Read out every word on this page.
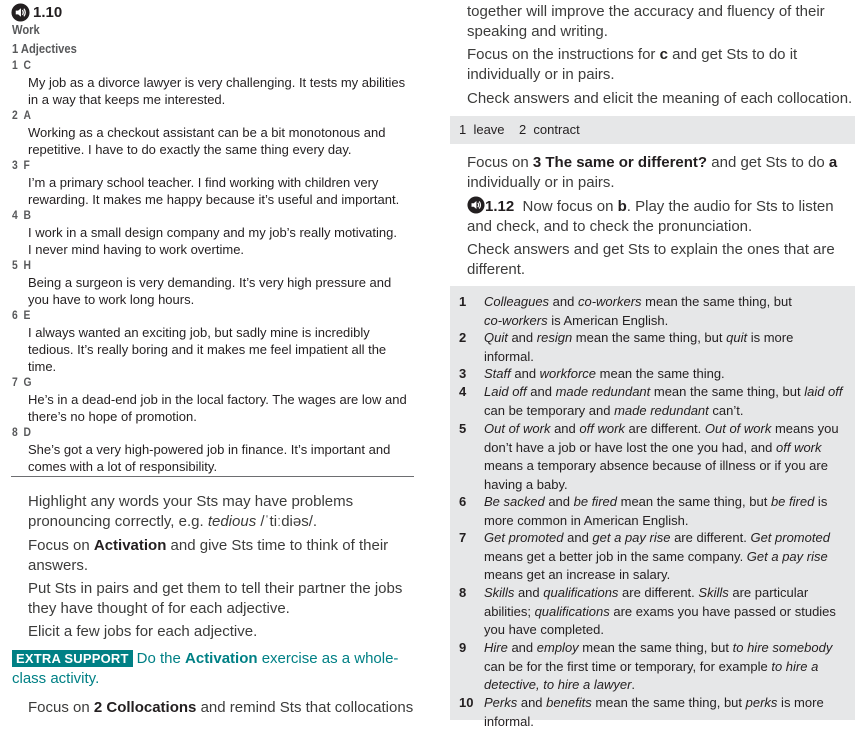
1.10
Work
1 Adjectives
1 C
My job as a divorce lawyer is very challenging. It tests my abilities
in a way that keeps me interested.
2 A
Working as a checkout assistant can be a bit monotonous and
repetitive. I have to do exactly the same thing every day.
3 F
I’m a primary school teacher. I find working with children very
rewarding. It makes me happy because it’s useful and important.
4 B
I work in a small design company and my job’s really motivating.
I never mind having to work overtime.
5 H
Being a surgeon is very demanding. It’s very high pressure and
you have to work long hours.
6 E
I always wanted an exciting job, but sadly mine is incredibly
tedious. It’s really boring and it makes me feel impatient all the
time.
7 G
He’s in a dead-end job in the local factory. The wages are low and
there’s no hope of promotion.
8 D
She’s got a very high-powered job in finance. It’s important and
comes with a lot of responsibility.
Highlight any words your Sts may have problems
pronouncing correctly, e.g. tedious /ˈtiːdiəs/.
Focus on Activation and give Sts time to think of their
answers.
Put Sts in pairs and get them to tell their partner the jobs
they have thought of for each adjective.
Elicit a few jobs for each adjective.
EXTRA SUPPORT Do the Activation exercise as a whole-
class activity.
Focus on 2 Collocations and remind Sts that collocations
together will improve the accuracy and fluency of their
speaking and writing.
Focus on the instructions for c and get Sts to do it
individually or in pairs.
Check answers and elicit the meaning of each collocation.
1  leave    2  contract
Focus on 3 The same or different? and get Sts to do a
individually or in pairs.
1.12  Now focus on b. Play the audio for Sts to listen
and check, and to check the pronunciation.
Check answers and get Sts to explain the ones that are
different.
1	Colleagues and co-workers mean the same thing, but
co-workers is American English.
2	Quit and resign mean the same thing, but quit is more
informal.
3	Staff and workforce mean the same thing.
4	Laid off and made redundant mean the same thing, but laid off
can be temporary and made redundant can’t.
5	Out of work and off work are different. Out of work means you
don’t have a job or have lost the one you had, and off work
means a temporary absence because of illness or if you are
having a baby.
6	Be sacked and be fired mean the same thing, but be fired is
more common in American English.
7	Get promoted and get a pay rise are different. Get promoted
means get a better job in the same company. Get a pay rise
means get an increase in salary.
8	Skills and qualifications are different. Skills are particular
abilities; qualifications are exams you have passed or studies
you have completed.
9	Hire and employ mean the same thing, but to hire somebody
can be for the first time or temporary, for example to hire a
detective, to hire a lawyer.
10 Perks and benefits mean the same thing, but perks is more
informal.
